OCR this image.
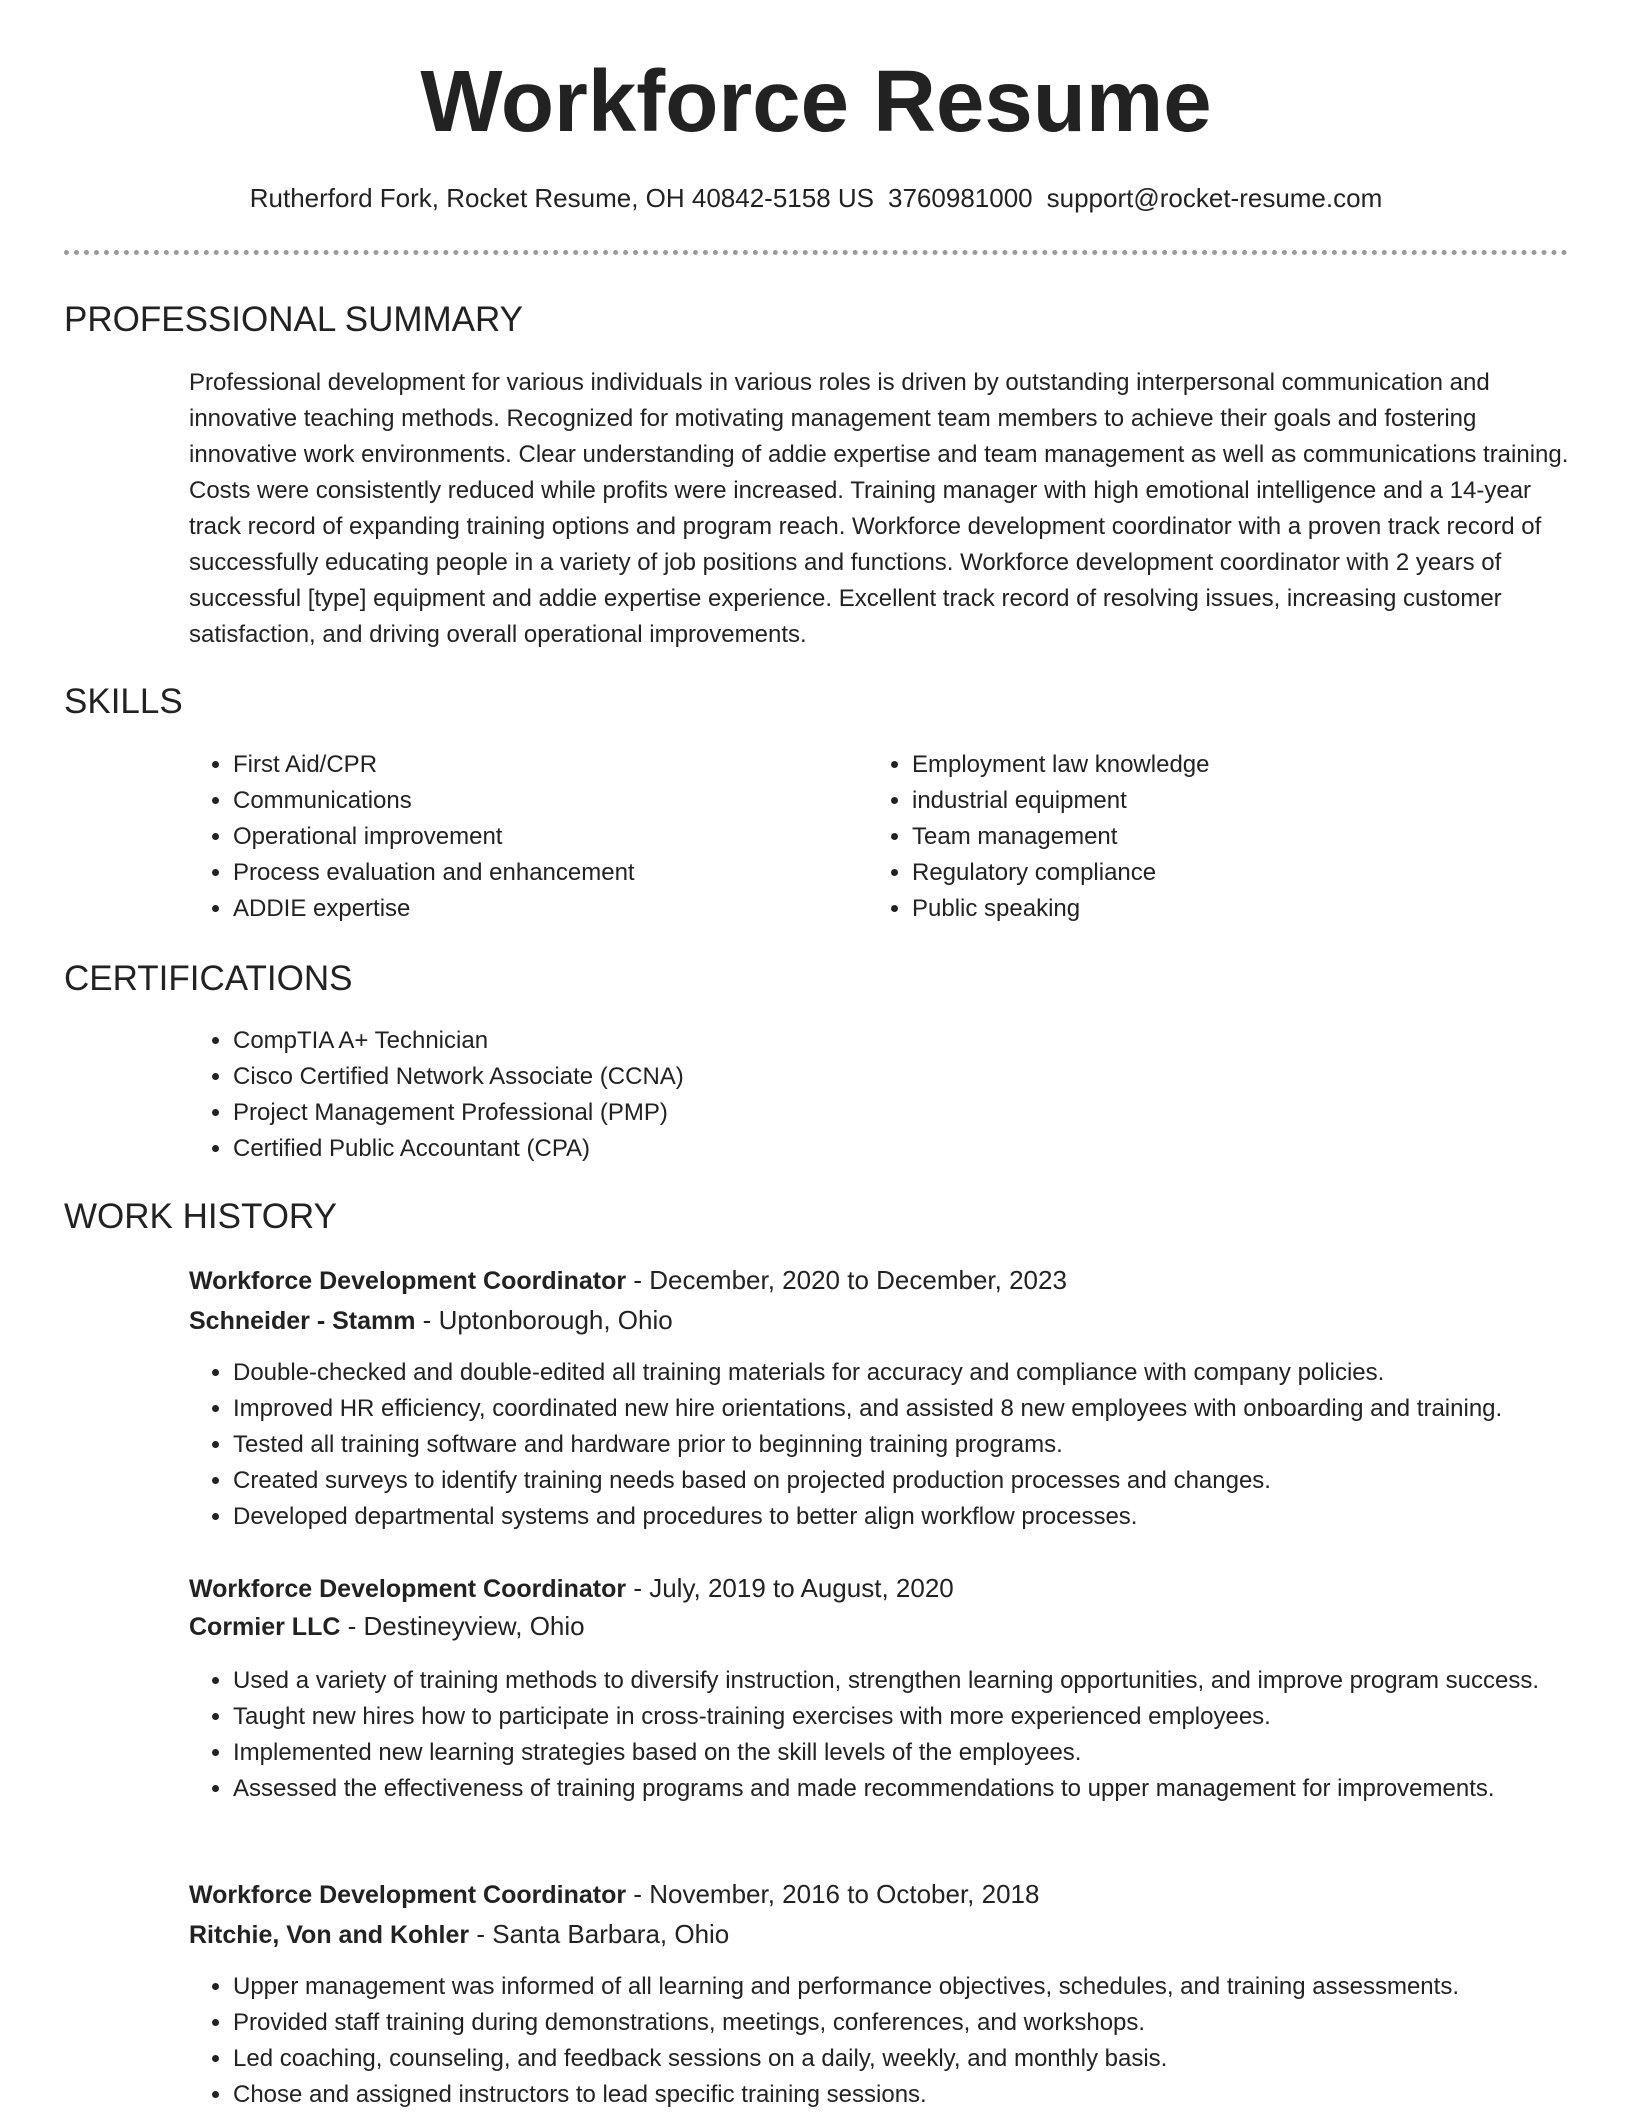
Workforce Resume
Rutherford Fork, Rocket Resume, OH 40842-5158 US 3760981000 support@rocket-resume.com
PROFESSIONAL SUMMARY

Professional development for various individuals in various roles is driven by outstanding interpersonal communication and innovative teaching methods. Recognized for motivating management team members to achieve their goals and fostering innovative work environments. Clear understanding of addie expertise and team management as well as communications training. Costs were consistently reduced while profits were increased. Training manager with high emotional intelligence and a 14-year track record of expanding training options and program reach. Workforce development coordinator with a proven track record of successfully educating people in a variety of job positions and functions. Workforce development coordinator with 2 years of successful [type] equipment and addie expertise experience. Excellent track record of resolving issues, increasing customer satisfaction, and driving overall operational improvements.

SKILLS
• First Aid/CPR
• Communications
• Operational improvement
• Process evaluation and enhancement
• ADDIE expertise
• Employment law knowledge
• industrial equipment
• Team management
• Regulatory compliance
• Public speaking
CERTIFICATIONS
• CompTIA A+ Technician
• Cisco Certified Network Associate (CCNA)
• Project Management Professional (PMP)
• Certified Public Accountant (CPA)
WORK HISTORY
Workforce Development Coordinator - December, 2020 to December, 2023
Schneider - Stamm - Uptonborough, Ohio
• Double-checked and double-edited all training materials for accuracy and compliance with company policies.
• Improved HR efficiency, coordinated new hire orientations, and assisted 8 new employees with onboarding and training.
• Tested all training software and hardware prior to beginning training programs.
• Created surveys to identify training needs based on projected production processes and changes.
• Developed departmental systems and procedures to better align workflow processes.
Workforce Development Coordinator - July, 2019 to August, 2020
Cormier LLC - Destineyview, Ohio
• Used a variety of training methods to diversify instruction, strengthen learning opportunities, and improve program success.
• Taught new hires how to participate in cross-training exercises with more experienced employees.
• Implemented new learning strategies based on the skill levels of the employees.
• Assessed the effectiveness of training programs and made recommendations to upper management for improvements.
Workforce Development Coordinator - November, 2016 to October, 2018
Ritchie, Von and Kohler - Santa Barbara, Ohio
• Upper management was informed of all learning and performance objectives, schedules, and training assessments.
• Provided staff training during demonstrations, meetings, conferences, and workshops.
• Led coaching, counseling, and feedback sessions on a daily, weekly, and monthly basis.
• Chose and assigned instructors to lead specific training sessions.
